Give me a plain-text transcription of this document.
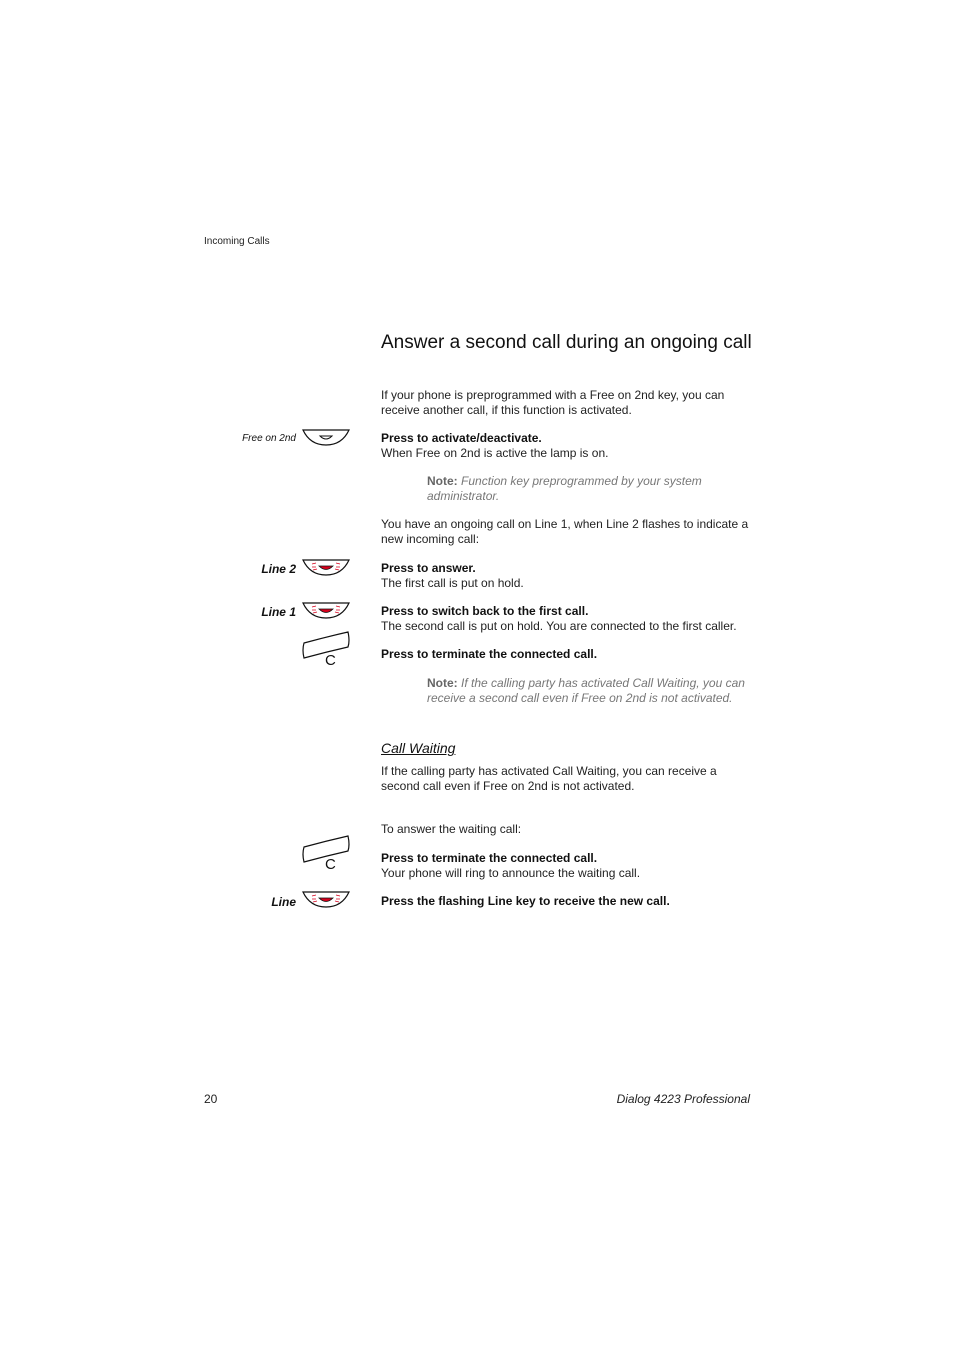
Incoming Calls
Answer a second call during an ongoing call
If your phone is preprogrammed with a Free on 2nd key, you can receive another call, if this function is activated.
Free on 2nd	Press to activate/deactivate.
When Free on 2nd is active the lamp is on.
Note: Function key preprogrammed by your system administrator.
You have an ongoing call on Line 1, when Line 2 flashes to indicate a new incoming call:
Line 2	Press to answer.
The first call is put on hold.
Line 1	Press to switch back to the first call.
The second call is put on hold. You are connected to the first caller.
C	Press to terminate the connected call.
Note: If the calling party has activated Call Waiting, you can receive a second call even if Free on 2nd is not activated.
Call Waiting
If the calling party has activated Call Waiting, you can receive a second call even if Free on 2nd is not activated.
To answer the waiting call:
C	Press to terminate the connected call.
Your phone will ring to announce the waiting call.
Line	Press the flashing Line key to receive the new call.
20	Dialog 4223 Professional
